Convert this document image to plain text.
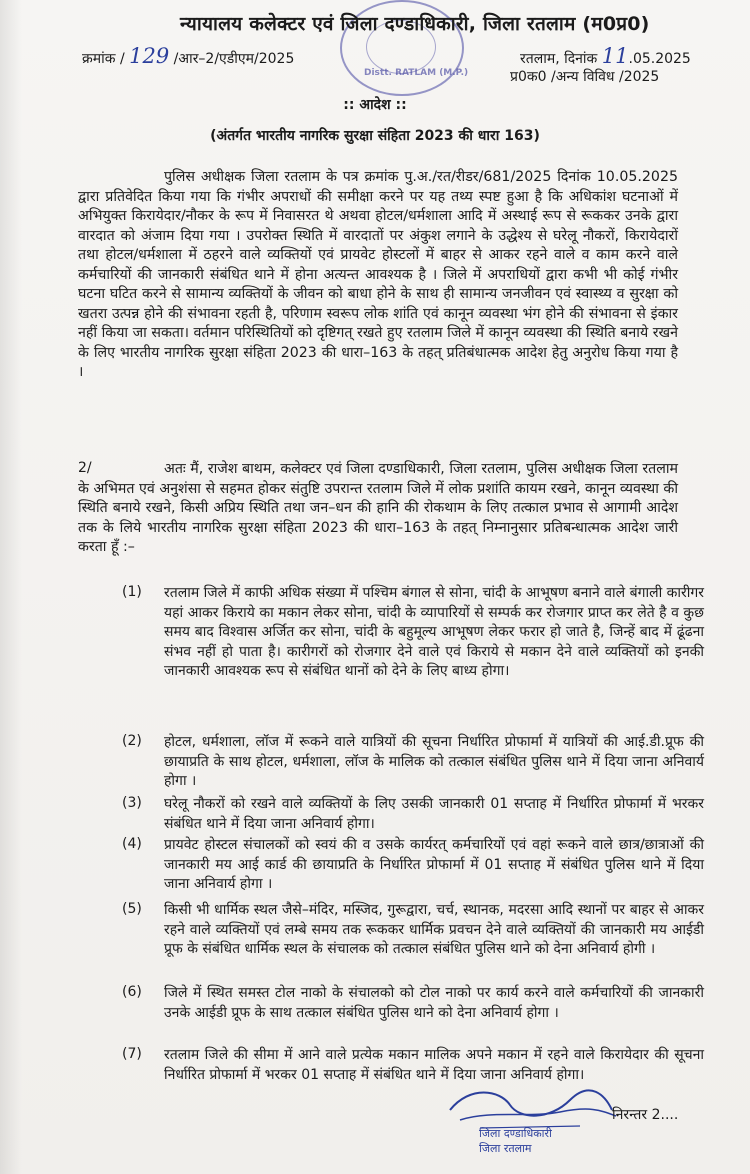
Distt. RATLAM (M.P.)
न्यायालय कलेक्टर एवं जिला दण्डाधिकारी, जिला रतलाम (म0प्र0)
क्रमांक / 129 /आर–2/एडीएम/2025	रतलाम, दिनांक 11.05.2025
प्र0क0 /अन्य विविध /2025
:: आदेश ::
(अंतर्गत भारतीय नागरिक सुरक्षा संहिता 2023 की धारा 163)

पुलिस अधीक्षक जिला रतलाम के पत्र क्रमांक पु.अ./रत/रीडर/681/2025 दिनांक 10.05.2025 द्वारा प्रतिवेदित किया गया कि गंभीर अपराधों की समीक्षा करने पर यह तथ्य स्पष्ट हुआ है कि अधिकांश घटनाओं में अभियुक्त किरायेदार/नौकर के रूप में निवासरत थे अथवा होटल/धर्मशाला आदि में अस्थाई रूप से रूककर उनके द्वारा वारदात को अंजाम दिया गया । उपरोक्त स्थिति में वारदातों पर अंकुश लगाने के उद्धेश्य से घरेलू नौकरों, किरायेदारों तथा होटल/धर्मशाला में ठहरने वाले व्यक्तियों एवं प्रायवेट होस्टलों में बाहर से आकर रहने वाले व काम करने वाले कर्मचारियों की जानकारी संबंधित थाने में होना अत्यन्त आवश्यक है । जिले में अपराधियों द्वारा कभी भी कोई गंभीर घटना घटित करने से सामान्य व्यक्तियों के जीवन को बाधा होने के साथ ही सामान्य जनजीवन एवं स्वास्थ्य व सुरक्षा को खतरा उत्पन्न होने की संभावना रहती है, परिणाम स्वरूप लोक शांति एवं कानून व्यवस्था भंग होने की संभावना से इंकार नहीं किया जा सकता। वर्तमान परिस्थितियों को दृष्टिगत् रखते हुए रतलाम जिले में कानून व्यवस्था की स्थिति बनाये रखने के लिए भारतीय नागरिक सुरक्षा संहिता 2023 की धारा–163 के तहत् प्रतिबंधात्मक आदेश हेतु अनुरोध किया गया है ।

2/	अतः मैं, राजेश बाथम, कलेक्टर एवं जिला दण्डाधिकारी, जिला रतलाम, पुलिस अधीक्षक जिला रतलाम के अभिमत एवं अनुशंसा से सहमत होकर संतुष्टि उपरान्त रतलाम जिले में लोक प्रशांति कायम रखने, कानून व्यवस्था की स्थिति बनाये रखने, किसी अप्रिय स्थिति तथा जन–धन की हानि की रोकथाम के लिए तत्काल प्रभाव से आगामी आदेश तक के लिये भारतीय नागरिक सुरक्षा संहिता 2023 की धारा–163 के तहत् निम्नानुसार प्रतिबन्धात्मक आदेश जारी करता हूँ :–

(1)	रतलाम जिले में काफी अधिक संख्या में पश्चिम बंगाल से सोना, चांदी के आभूषण बनाने वाले बंगाली कारीगर यहां आकर किराये का मकान लेकर सोना, चांदी के व्यापारियों से सम्पर्क कर रोजगार प्राप्त कर लेते है व कुछ समय बाद विश्वास अर्जित कर सोना, चांदी के बहुमूल्य आभूषण लेकर फरार हो जाते है, जिन्हें बाद में ढूंढना संभव नहीं हो पाता है। कारीगरों को रोजगार देने वाले एवं किराये से मकान देने वाले व्यक्तियों को इनकी जानकारी आवश्यक रूप से संबंधित थानों को देने के लिए बाध्य होगा।

(2)	होटल, धर्मशाला, लॉज में रूकने वाले यात्रियों की सूचना निर्धारित प्रोफार्मा में यात्रियों की आई.डी.प्रूफ की छायाप्रति के साथ होटल, धर्मशाला, लॉज के मालिक को तत्काल संबंधित पुलिस थाने में दिया जाना अनिवार्य होगा ।

(3)	घरेलू नौकरों को रखने वाले व्यक्तियों के लिए उसकी जानकारी 01 सप्ताह में निर्धारित प्रोफार्मा में भरकर संबंधित थाने में दिया जाना अनिवार्य होगा।

(4)	प्रायवेट होस्टल संचालकों को स्वयं की व उसके कार्यरत् कर्मचारियों एवं वहां रूकने वाले छात्र/छात्राओं की जानकारी मय आई कार्ड की छायाप्रति के निर्धारित प्रोफार्मा में 01 सप्ताह में संबंधित पुलिस थाने में दिया जाना अनिवार्य होगा ।

(5)	किसी भी धार्मिक स्थल जैसे–मंदिर, मस्जिद, गुरूद्वारा, चर्च, स्थानक, मदरसा आदि स्थानों पर बाहर से आकर रहने वाले व्यक्तियों एवं लम्बे समय तक रूककर धार्मिक प्रवचन देने वाले व्यक्तियों की जानकारी मय आईडी प्रूफ के संबंधित धार्मिक स्थल के संचालक को तत्काल संबंधित पुलिस थाने को देना अनिवार्य होगी ।

(6)	जिले में स्थित समस्त टोल नाको के संचालको को टोल नाको पर कार्य करने वाले कर्मचारियों की जानकारी उनके आईडी प्रूफ के साथ तत्काल संबंधित पुलिस थाने को देना अनिवार्य होगा ।

(7)	रतलाम जिले की सीमा में आने वाले प्रत्येक मकान मालिक अपने मकान में रहने वाले किरायेदार की सूचना निर्धारित प्रोफार्मा में भरकर 01 सप्ताह में संबंधित थाने में दिया जाना अनिवार्य होगा।

जिला दण्डाधिकारी
जिला रतलाम
निरन्तर 2....
